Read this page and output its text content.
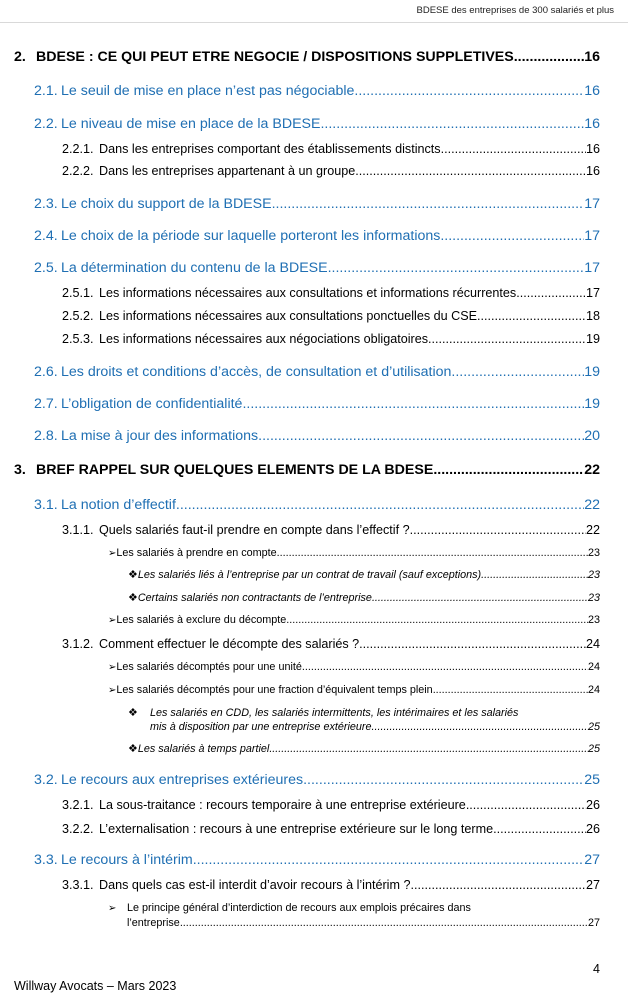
BDESE des entreprises de 300 salariés et plus
2. BDESE : CE QUI PEUT ETRE NEGOCIE / DISPOSITIONS SUPPLETIVES .....	16
2.1. Le seuil de mise en place n’est pas négociable .....	16
2.2. Le niveau de mise en place de la BDESE .....	16
2.2.1. Dans les entreprises comportant des établissements distincts .....	16
2.2.2. Dans les entreprises appartenant à un groupe .....	16
2.3. Le choix du support de la BDESE .....	17
2.4. Le choix de la période sur laquelle porteront les informations .....	17
2.5. La détermination du contenu de la BDESE .....	17
2.5.1. Les informations nécessaires aux consultations et informations récurrentes .....	17
2.5.2. Les informations nécessaires aux consultations ponctuelles du CSE .....	18
2.5.3. Les informations nécessaires aux négociations obligatoires .....	19
2.6. Les droits et conditions d’accès, de consultation et d’utilisation .....	19
2.7. L’obligation de confidentialité .....	19
2.8. La mise à jour des informations .....	20
3. BREF RAPPEL SUR QUELQUES ELEMENTS DE LA BDESE .....	22
3.1. La notion d’effectif .....	22
3.1.1. Quels salariés faut-il prendre en compte dans l’effectif ? .....	22
➢ Les salariés à prendre en compte .....	23
❖ Les salariés liés à l’entreprise par un contrat de travail (sauf exceptions) .....	23
❖ Certains salariés non contractants de l’entreprise .....	23
➢ Les salariés à exclure du décompte .....	23
3.1.2. Comment effectuer le décompte des salariés ? .....	24
➢ Les salariés décomptés pour une unité .....	24
➢ Les salariés décomptés pour une fraction d’équivalent temps plein .....	24
❖ Les salariés en CDD, les salariés intermittents, les intérimaires et les salariés
mis à disposition par une entreprise extérieure .....	25
❖ Les salariés à temps partiel .....	25
3.2. Le recours aux entreprises extérieures .....	25
3.2.1. La sous-traitance : recours temporaire à une entreprise extérieure .....	26
3.2.2. L’externalisation : recours à une entreprise extérieure sur le long terme .....	26
3.3. Le recours à l’intérim .....	27
3.3.1. Dans quels cas est-il interdit d’avoir recours à l’intérim ? .....	27
➢ Le principe général d’interdiction de recours aux emplois précaires dans
l’entreprise .....	27
4
Willway Avocats – Mars 2023
